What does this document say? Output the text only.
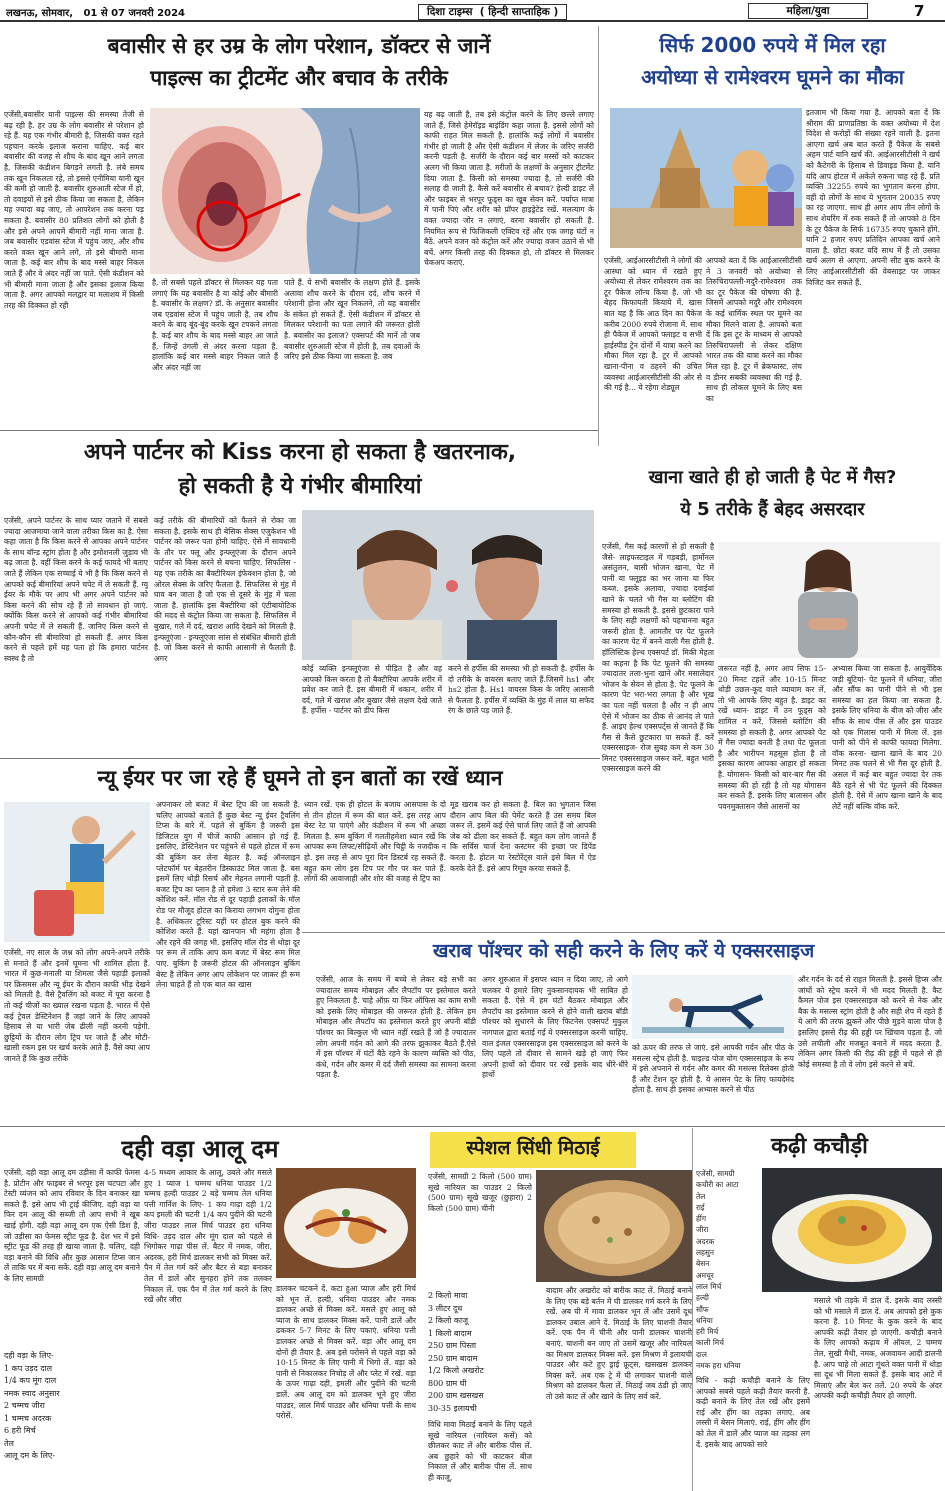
लखनऊ, सोमवार,   01 से 07 जनवरी 2024	दिशा टाइम्स  ( हिन्दी साप्ताहिक )	महिला/युवा	7
बवासीर से हर उम्र के लोग परेशान, डॉक्टर से जानें
पाइल्स का ट्रीटमेंट और बचाव के तरीके
एजेंसी,बवासीर यानी पाइल्स की समस्या तेजी से बढ़ रही है. हर उम्र के लोग बवासीर से परेशान हो रहे हैं. यह एक गंभीर बीमारी है, जिसकी वक्त रहते पहचान करके इलाज कराना चाहिए. कई बार बवासीर की वजह से शौच के बाद खून आने लगता है, जिसकी कंडीशन बिगड़ने लगती है. लंबे समय तक खून निकलता रहे, तो इससे एनीमिया यानी खून की कमी हो जाती है. बवासीर शुरुआती स्टेज में हो, तो दवाइयों से इसे ठीक किया जा सकता है, लेकिन यह ज्यादा बढ़ जाए, तो आपरेशन तक करना पड़ सकता है. बवासीर 80 प्रतिशत लोगों को होती है और इसे अपने आपमें बीमारी नहीं माना जाता है. जब बवासीर एडवांस स्टेज में पहुंच जाए, और शौच करते वक्त खून आने लगे, तो इसे बीमारी माना जाता है. कई बार शौच के बाद मस्से बाहर निकल जाते हैं और वे अंदर नहीं जा पाते. ऐसी कंडीशन को भी बीमारी माना जाता है और इसका इलाज किया जाता है. अगर आपको मलद्वार या मलाशय में किसी तरह की दिक्कत हो रही
है, तो सबसे पहले डॉक्टर से मिलकर यह पता लगाएं कि यह बवासीर है या कोई और बीमारी है. बवासीर के लक्षण? डॉ. के अनुसार बवासीर जब एडवांस स्टेज में पहुंच जाती है, तब शौच करने के बाद बूंद-बूंद करके खून टपकने लगता है. कई बार शौच के बाद मस्से बाहर आ जाते हैं, जिन्हें उंगली से अंदर करना पड़ता है. हालांकि कई बार मस्से बाहर निकल जाते हैं और अंदर नहीं जा
पाते हैं. ये सभी बवासीर के लक्षण होते हैं. इसके अलावा शौच करने के दौरान दर्द, शौच करने में परेशानी होना और खून निकलने, तो यह बवासीर के संकेत हो सकते हैं. ऐसी कंडीशन में डॉक्टर से मिलकर परेशानी का पता लगाने की जरूरत होती है. बवासीर का इलाज? एक्सपर्ट की मानें तो जब बवासीर शुरुआती स्टेज में होती है, तब दवाओं के जरिए इसे ठीक किया जा सकता है. जब
यह बढ़ जाती है, तब इसे कंट्रोल करने के लिए छल्ले लगाए जाते हैं, जिसे हेमेरॉइड बाइंडिंग कहा जाता है. इससे लोगों को काफी राहत मिल सकती है. हालांकि कई लोगों में बवासीर गंभीर हो जाती है और ऐसी कंडीशन में लेजर के जरिए सर्जरी करनी पड़ती है. सर्जरी के दौरान कई बार मस्सों को काटकर अलग भी किया जाता है. मरीजों के लक्षणों के अनुसार ट्रीटमेंट दिया जाता है. किसी को समस्या ज्यादा है, तो सर्जरी की सलाह दी जाती है. कैसे करें बवासीर से बचाव? हेल्दी डाइट लें और फाइबर से भरपूर फूड्स का खूब सेवन करें. पर्याप्त मात्रा में पानी पिएं और शरीर को प्रॉपर हाइड्रेटेड रखें. मलत्याग के वक्त ज्यादा जोर न लगाएं, वरना बवासीर हो सकती है. नियमित रूप से फिजिकली एक्टिव रहें और एक जगह घंटों न बैठें. अपने वजन को कंट्रोल करें और ज्यादा वजन उठाने से भी बचें. अगर किसी तरह की दिक्कत हो, तो डॉक्टर से मिलकर चेकअप कराएं.
सिर्फ 2000 रुपये में मिल रहा
अयोध्या से रामेश्वरम घूमने का मौका
इतजाम भी किया गया है. आपको बता दें कि श्रीराम की प्राणप्रतिष्ठा के वक्त अयोध्या में देश विदेश से करोड़ों की संख्या रहने वाली है. इतना आएगा खर्च अब बात करते हैं पैकेज के सबसे अहम पार्ट यानि खर्च की. आईआरसीटीसी ने खर्च को कैटेगरी के हिसाब से डिवाइड किया है. यानि यदि आप होटल में अकेले रुकना चाह रहे हैं. प्रति व्यक्ति 32255 रुपये का भुगतान करना होगा. वहीं दो लोगों के साथ ये भुगतान 20035 रुपए का रह जाएगा. साथ ही अगर आप तीन लोगों के साथ शेयरिंग में रुक सकते हैं तो आपको 8 दिन के टूर पैकेज के सिर्फ 16735 रुपए चुकाने होंगे. यानि 2 हजार रुपए प्रतिदिन आपका खर्च आने वाला है. छोटा बजट यदि साथ में हैं तो उसका खर्च अलग से आएगा. अपनी सीट बुक करने के लिए आईआरसीटीसी की वेबसाइट पर जाकर विजिट कर सकते हैं.
एजेंसी, आईआरसीटीसी ने लोगों की आस्था को ध्यान में रखते हुए अयोध्या से लेकर रामेश्वरम तक का टूर पैकेज लॉन्च किया है. जो भी बेहद किफायती कियाये में. खास बात यह है कि आठ दिन का पैकेज करीब 2000 रुपये रोजाना में. साथ ही पैकेज में आपको फ्लाइट व सभी हाईस्पीड ट्रेन दोनों में यात्रा करने का मौका मिल रहा है. टूर में आपको खाना-पीना व ठहरने की उचित व्यवस्था आईआरसीटीसी की ओर से की गई है... ये रहेगा शेड्यूल
आपको बता दें कि आईआरसीटीसी ने 3 जनवरी को अयोध्या से तिरुचिरापल्ली-मदुरै-रामेश्वरम तक का टूर पैकेज की घोषणा की है. जिसमें आपको मदुरै और रामेश्वरम के कई धार्मिक स्थल पर घूमने का मौका मिलने वाला है. आपको बता दें कि इस टूर के माध्यम से आपको तिरुचिरापल्ली से लेकर दक्षिण भारत तक की यात्रा करने का मौका मिल रहा है. टूर में ब्रेकफास्ट, लंच व डीनर सबकी व्यवस्था की गई है. साथ ही लोकल घूमने के लिए बस का
अपने पार्टनर को Kiss करना हो सकता है खतरनाक,
हो सकती है ये गंभीर बीमारियां
एजेंसी, अपने पार्टनर के साथ प्यार जताने में सबसे ज्यादा आजमाया जाने वाला तरीका किस का है. ऐसा कहा जाता है कि किस करने से आपका अपने पार्टनर के साथ बॉन्ड स्ट्रांग होता है और इमोशनली जुड़ाव भी बढ़ जाता है. वहीं किस करने के कई फायदे भी बताए जाते हैं लेकिन एक सच्चाई ये भी है कि किस करने से आपको कई बीमारियां अपने चपेट में ले सकती हैं. ग्यू ईयर के मौके पर आप भी अगर अपने पार्टनर को किस करने की सोच रहे हैं तो सावधान हो जाएं. क्योंकि किस करने से आपको कई गंभीर बीमारियां अपनी चपेट में ले सकती हैं. जानिए किस करने से कौन-कौन सी बीमारियां हो सकती हैं. अगर किस करने से पहले हमें यह पता हो कि हमारा पार्टनर स्वस्थ है तो
कई तरीके की बीमारियों को फैलने से रोका जा सकता है. इसके साथ ही बेसिक सेक्स एजुकेशन भी पार्टनर को जरूर पता होनी चाहिए. ऐसे में सावधानी के तौर पर फ्लू और इन्फ्लूएंजा के दौरान अपने पार्टनर को किस करने से बचना चाहिए. सिफलिस - यह एक तरीके का बैक्टीरियल इंफेक्शन होता है, जो ओरल सेक्स के जरिए फैलता है. सिफलिस से मुंह में घाव बन जाता है जो एक से दूसरे के मुंह में चला जाता है. हालांकि इस बैक्टीरिया को एंटीबायोटिक की मदद से कंट्रोल किया जा सकता है. सिफलिस में बुखार, गले में दर्द, खराश आदि देखने को मिलती है. इन्फ्लूएंजा - इन्फ्लूएंजा सांस से संबंधित बीमारी होती है. जो किस करने से काफी आसानी से फैलती है. अगर
कोई व्यक्ति इन्फ्लूएंजा से पीड़ित है और वह आपको किस करता है तो बैक्टीरिया आपके शरीर में प्रवेश कर जाते हैं. इस बीमारी में थकान, शरीर में दर्द, गले में खराश और बुखार जैसे लक्षण देखे जाते हैं. हर्पीस - पार्टनर को डीप किस
करने से हर्पीस की समस्या भी हो सकती है. हर्पीस के दो तरीके के वायरस बताए जाते हैं.जिसमें hs1 और hs2 होता है. Hs1 वायरस किस के जरिए आसानी से फैलता है. हर्पीस में व्यक्ति के मुंह में लाल या सफेद रंग के छाले पड़ जाते हैं.
खाना खाते ही हो जाती है पेट में गैस?
ये 5 तरीके हैं बेहद असरदार
एजेंसी, गैस कई कारणों से हो सकती है जैसे- लाइफस्टाइल में गड़बड़ी, हार्मोनल असंतुलन, बासी भोजन खाना, पेट में पानी या फ्लूइड का भर जाना या फिर कब्ज. इसके अलावा, ज्यादा दवाईयां खाने के चलते भी गैस या ब्लोटिंग की समस्या हो सकती है. इससे छुटकारा पाने के लिए सही लक्षणों को पहचानना बहुत जरूरी होता है. आमतौर पर पेट फूलने का कारण पेट में बनने वाली गैस होती है. हॉलिस्टिक हेल्थ एक्सपर्ट डॉ. मिकी मेहता का कहना है कि पेट फूलने की समस्या ज्यादातर तला-भुना खाने और मसालेदार भोजन के सेवन से होता है. पेट फूलने के कारण पेट भरा-भरा लगता है और भूख का पता नहीं चलता है और न ही आप ऐसे में भोजन का ठीक से आनंद ले पाते हैं. आइए हेल्थ एक्सपर्ट्स से जानते हैं कि गैस से कैसे छुटकारा पा सकते हैं. करें एक्सरसाइज- रोज सुबह कम से कम 30 मिनट एक्सरसाइज जरूर करें. बहुत भारी एक्सरसाइज करने की
जरूरत नहीं है, अगर आप सिफ 15-20 मिनट टहलें और 10-15 मिनट थोड़ी उछल-कूद वाले व्यायाम कर लें, तो भी आपके लिए बहुत है. डाइट का रखें ध्यान- डाइट में उन फूड्स को शामिल न करें, जिससे ब्लोटिंग की समस्या हो सकती है. अगर आपको पेट में गैस ज्यादा बनती है तथा पेट फूलता है और भारीपन महसूस होता है तो इसका कारण आपका आहार हो सकता है. योगासन- किसी को बार-बार गैस की समस्या की हो रही है तो यह योगासन कर सकते हैं. इसके लिए बालासन और पवनमुक्तासन जैसे आसनों का
अभ्यास किया जा सकता है. आयुर्वेदिक जड़ी बूटियां- पेट फूलने में धनिया, जीरा और सौंफ का पानी पीने से भी इस समस्या का हल किया जा सकता है. इसके लिए धनिया के बीज को जीरा और सौंफ के साथ पीस लें और इस पाउडर को एक गिलास पानी में मिला लें. इस पानी को पीने से काफी फायदा मिलेगा. वॉक करना- खाना खाने के बाद 20 मिनट तक चलने से भी गैस दूर होती है. असल में कई बार बहुत ज्यादा देर तक बैठे रहने से भी पेट फूलने की दिक्कत होती है. ऐसे में आप खाना खाने के बाद लेटें नहीं बल्कि वॉक करें.
न्यू ईयर पर जा रहे हैं घूमने तो इन बातों का रखें ध्यान
एजेंसी, नए साल के जश्न को लोग अपने-अपने तरीके से मनाते हैं और इनमें घूमना भी शामिल होता है. भारत में कुछ-मनाली या शिमला जैसे पहाड़ी इलाकों पर क्रिसमस और न्यू ईयर के दौरान काफी भीड़ देखने को मिलती है. वैसे ट्रैवलिंग को बजट में पूरा करना है तो कई चीजों का ख्याल रखना पड़ता है. भारत में ऐसे कई ट्रेवल डेस्टिनेशन हैं जहां जाने के लिए आपको हिसाब से या भारी जेब ढीली नहीं करनी पड़ेगी. छुट्टियों के दौरान लोग ट्रिप पर जाते हैं और मोटी-खासी रकम इस पर खर्च करके आते हैं. वैसे क्या आप जानते हैं कि कुछ तरीके
अपनाकर लो बजट में बेस्ट ट्रिप की जा सकती है. चलिए आपको बताते हैं कुछ बेस्ट न्यू ईयर ट्रैवलिंग टिप्स के बारे में. पहले से बुकिंग है जरूरी इस डिजिटल युग में चीजें काफी आसान हो गई हैं. इसलिए, डेस्टिनेशन पर पहुंचने से पहले होटल में रूम की बुकिंग कर लेना बेहतर है. कई ऑनलाइन प्लेटफॉर्म पर बेहतरीन डिस्काउंट मिल जाता है. बस इसमें लिए थोड़ी रिसर्च और मेहनत लगानी पड़ती है. बजट ट्रिप का प्लान है तो हमेशा 3 स्टार रूम लेने की कोशिश करें. मॉल रोड से दूर पहाड़ी इलाकों के मॉल रोड पर मौजूद होटल का किराया लगभग दोगुना होता है. अधिकतर टूरिस्ट यहीं पर होटल बुक करने की कोशिश करते हैं. यहां खानपान भी महंगा होता है और रहने की जगह भी. इसलिए मॉल रोड से थोड़ा दूर पर रूम लें ताकि आप कम बजट में बेस्ट रूम मिल पाए. बुकिंग है जरूरी होटल की ऑनलाइन बुकिंग बेस्ट है लेकिन अगर आप लोकेशन पर जाकर ही रूम लेना चाहते हैं तो एक बात का खास
ध्यान रखें. एक ही होटल के बजाय आसपास के दो से तीन होटल में रूम की बात करें. इस तरह आप बेस्ट रेट पा पाएंगे और कंडीशन में रूम भी अच्छा मिलता है. रूम बुकिंग में गलतीहमेशा ध्यान रखें कि आपका रूम लिफ्ट/सीढ़ियों और चिट्ठी के नजदीक न हो. इस तरह से आप पूरा दिन डिस्टर्ब रह सकते हैं. बहुत कम लोग इस टिप पर गौर पर कर पाते हैं. लोगों की आवाजाही और शोर की वजह से ट्रिप का
मूड खराब कर हो सकता है. बिल का भुगतान जिस दौरान आप बिल की पेमेंट करते हैं उस समय बिल जरूर लें. इसमें कई ऐसे चार्ज लिए जाते हैं जो आपकी जेब को ढीला कर सकते हैं. बहुत कम लोग जानते हैं कि सर्विस चार्ज देना कस्टमर की इच्छा पर डिपेंड करता है. होटल या रेस्टोरेंट्स वाले इसे बिल में ऐड करके देते हैं. इसे आप रिमूव करवा सकते हैं.
खराब पॉश्चर को सही करने के लिए करें ये एक्सरसाइज
एजेंसी, आज के समय में बच्चे से लेकर बड़े सभी का ज्यादातर समय मोबाइल और लैपटॉप पर इस्तेमाल करते हुए निकलता है. चाहे ऑफ़ या फिर ऑफिस का काम सभी को इसके लिए मोबाइल की जरूरत होती है. लेकिन हम मोबाइल और लैपटॉप का इस्तेमाल करते हुए अपनी बॉडी पॉश्चर का बिल्कुल भी ध्यान नहीं रखते हैं जो है ज्यादातर लोग अपनी गर्दन को आगे की तरफ झुकाकर बैठते हैं.ऐसे में इस पॉश्चर में घंटों बैठे रहने के कारण व्यक्ति को पीठ, कंधे, गर्दन और कमर में दर्द जैसी समस्या का सामना करना पड़ता है.
अगर शुरुआत में इसपर ध्यान न दिया जाए, तो आगे चलकर ये हमारे लिए नुकसानदायक भी साबित हो सकता है. ऐसे में हम घंटों बैठकर मोबाइल और लैपटॉप का इस्तेमाल करने से होने वाली खराब बॉडी पॉश्चर को सुधारने के लिए फिटनेस एक्सपर्ट मुकुल नागपाल द्वारा बताई गई ये एक्सरसाइज करनी चाहिए. वाल इंजल एक्सरसाइज इस एक्सरसाइज को करने के लिए पहले तो दीवार से सामने खड़े हो जाएं फिर अपनी हाथों को दीवार पर रखें इसके बाद धीरे-धीरे हाथों
को ऊपर की तरफ ले जाएं. इसे आपकी गर्दन और पीठ के मसल्स स्ट्रेच होती है. चाइल्ड पोज योग एक्सरसाइज के रूप में इसे अपनाने से गर्दन और कमर की मसल्स रिलेक्स होती हैं और टेंशन दूर होती है. ये आसन पेट के लिए फायदेमंद होता है. साथ ही इसका अभ्यास करने से पीठ
और गर्दन के दर्द से राहत मिलती है. इससे हिप्स और जांघों को स्ट्रेच करने में भी मदद मिलती है. कैट कैमल पोज इस एक्सरसाइज को करने से नेक और बैक के मसल्स स्ट्रांग होती है और सही शेप में रहते हैं ये आगे की तरफ झुकने और पीछे मुड़ने वाला पोज है इसलिए इससे रीढ़ की हड्डी पर खिंचाव पड़ता है. जो उसे लचीली और मजबूत बनाने में मदद करता है. लेकिन अगर किसी की रीढ़ की हड्डी में पहले से ही कोई समस्या है तो वे लोग इसे करने से बचें.
दही वड़ा आलू दम
एजेंसी, दही वड़ा आलू दम उड़ीसा में काफी फेमस है. प्रोटीन और फाइबर से भरपूर इस चटपटा और टेस्टी व्यंजन को आप रविवार के दिन बनाकर खा सकते हैं. इसे आप भी ट्राई कीजिए. दही वड़ा या फिर दम आलू की सब्जी तो आप सभी ने खूब खाई होगी. दही वड़ा आलू दम एक ऐसी डिश है, जो उड़ीसा का फेमस स्ट्रीट फूड है. देश भर में इसे स्ट्रीट फूड की तरह ही खाया जाता है. चलिए, दही वड़ा बनाने की विधि और कुछ आसान टिप्स जान लें ताकि घर में बना सकें. दही वड़ा आलू दम बनाने के लिए सामग्री
दही वड़ा के लिए-
1 कप उड़द दाल
1/4 कप मूंग दाल
नमक स्वाद अनुसार
2 चम्मच जीरा
1 चम्मच अदरक
6 हरी मिर्च
तेल
आलू दम के लिए-
4-5 मध्यम आकार के आलू, उबले और मसले हुए 1 प्याज 1 चम्मच धनिया पाउडर 1/2 चम्मच हल्दी पाउडर 2 बड़े चम्मच तेल धनिया पत्ती गार्निश के लिए- 1 कप गाढ़ा दही 1/2 कप इमली की चटनी 1/4 कप पुदीने की चटनी जीरा पाउडर लाल मिर्च पाउडर हरा धनिया विधि- उड़द दाल और मूंग दाल को पहले से भिगोकर गाढ़ा पीस लें. बैटर में नमक, जीरा, अदरक, हरी मिर्च डालकर सभी को मिक्स करें. पैन में तेल गर्म करें और बैटर से बड़ा बनाकर तेल में डालें और सुनहरा होने तक तलकर निकाल लें. एक पैन में तेल गर्म करने के लिए रखें और जीरा
डालकर चटकने दें. कटा हुआ प्याज और हरी मिर्च को भून लें. हल्दी, धनिया पाउडर और नमक डालकर अच्छे से मिक्स करें. मसले हुए आलू को प्याज के साथ डालकर मिक्स करें. पानी डालें और ढककर 5-7 मिनट के लिए पकाएं. धनिया पत्ती डालकर अच्छे से मिक्स करें. वड़ा और आलू दम दोनों ही तैयार है. अब इसे परोसने से पहले वड़ा को 10-15 मिनट के लिए पानी में भिगो लें. वड़ा को पानी से निकालकर निचोड़ लें और प्लेट में रखें. वड़ा के ऊपर गाढ़ा दही, इमली और पुदीने की चटनी डालें. अब आलू दम को डालकर भूने हुए जीरा पाउडर, लाल मिर्च पाउडर और धनिया पत्ती के साथ परोसें.
स्पेशल सिंधी मिठाई
एजेंसी, सामग्री 2 किलो (500 ग्राम) सूखे नारियल का पाउडर 2 किलो (500 ग्राम) सूखे खजूर (छुहारा) 2 किलो (500 ग्राम) चीनी
2 किलो मावा
3 लीटर दूध
2 किलो काजू
1 किलो बादाम
250 ग्राम पिस्ता
250 ग्राम बादाम
1/2 किलो अखरोट
800 ग्राम घी
200 ग्राम खसखस
30-35 इलायची
विधि मावा मिठाई बनाने के लिए पहले सूखे नारियल (नारियल कसें) को छीलकर काट लें और बारीक पीस लें. अब छुहारे को भी काटकर बीज निकाल लें और बारीक पीस लें. साथ ही काजू,
बादाम और अखरोट को बारीक काट लें. मिठाई बनाने के लिए एक बड़े बर्तन में घी डालकर गर्म करने के लिए रखें. अब घी में मावा डालकर भून लें और उसमें दूध डालकर उबाल आने दें. मिठाई के लिए चाशनी तैयार करें. एक पैन में चीनी और पानी डालकर चाशनी बनाएं. चाशनी बन जाए तो उसमें खजूर और नारियल का मिश्रण डालकर मिक्स करें. इस मिश्रण में इलायची पाउडर और कटे हुए ड्राई फ्रूट्स, खसखस डालकर मिक्स करें. अब एक ट्रे में घी लगाकर चाशनी वाले मिश्रण को डालकर फैला लें. मिठाई जब ठंडी हो जाए तो उसे काट लें और खाने के लिए सर्व करें.
कढ़ी कचौड़ी
एजेंसी, सामग्री
कचौरी का आटा
तेल
राई
हींग
जीरा
अदरक
लहसुन
बेसन
अमचूर
लाल मिर्च
हल्दी
सौंफ
धनिया
हरी मिर्च
काली मिर्च
दाल
नमक हरा धनिया
विधि - कढ़ी कचौड़ी बनाने के लिए आपको सबसे पहले कढ़ी तैयार करनी है. कढ़ी बनाने के लिए तेल रखें और इसमें राई और हींग का तड़का लगाएं. अब लस्सी में बेसन मिलाएं. राई, हींग और हींग को तेल में डालें और प्याज का तड़का लग दें. इसके बाद आपको सारे
मसाले भी तड़के में डाल दें. इसके बाद लस्सी को भी मसाले में डाल दें. अब आपको इसे कुक करना है. 10 मिनट के कुक करने के बाद आपकी कढ़ी तैयार हो जाएगी. कचौड़ी बनाने के लिए आपको कढ़ाव में ऑयल, 2 चम्मच तेल, सुखी मैथी, नमक, अजवायन आदी डालनी है. आप चाहे तो आटा गूंथते वक्त पानी में थोड़ा सा दूध भी मिला सकते हैं. इसके बाद आटे में मिलाएं और बेल कर तलें. 20 रुपये के अंदर आपकी कढ़ी कचौड़ी तैयार हो जाएगी.
